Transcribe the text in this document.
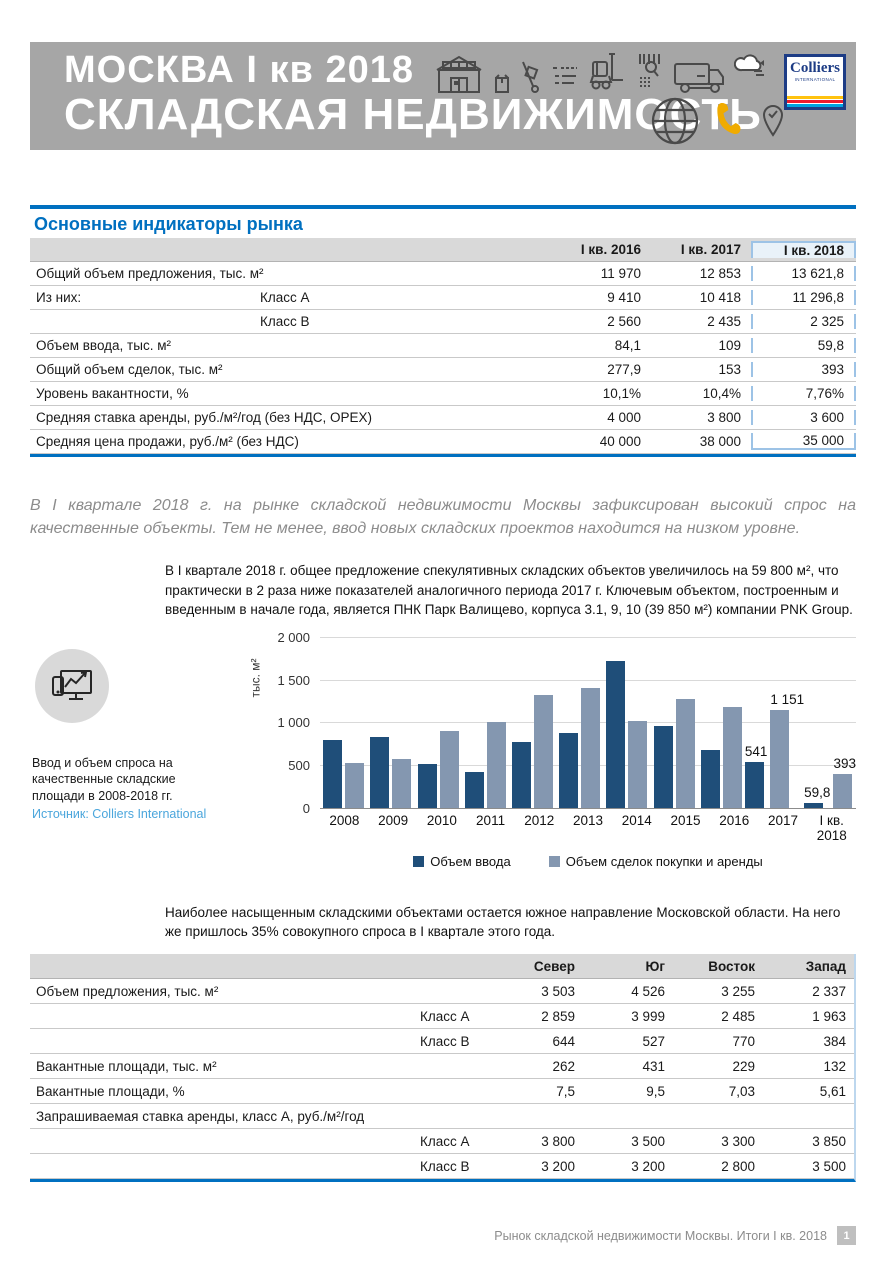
МОСКВА I кв 2018
СКЛАДСКАЯ НЕДВИЖИМОСТЬ
Colliers
INTERNATIONAL
Основные индикаторы рынка
I кв. 2016	I кв. 2017	I кв. 2018
Общий объем предложения, тыс. м²	11 970	12 853	13 621,8
Из них:	Класс A	9 410	10 418	11 296,8
Класс B	2 560	2 435	2 325
Объем ввода, тыс. м²	84,1	109	59,8
Общий объем сделок, тыс. м²	277,9	153	393
Уровень вакантности, %	10,1%	10,4%	7,76%
Средняя ставка аренды, руб./м²/год (без НДС, OPEX)	4 000	3 800	3 600
Средняя цена продажи, руб./м² (без НДС)	40 000	38 000	35 000
В I квартале 2018 г. на рынке складской недвижимости Москвы зафиксирован высокий спрос на качественные объекты. Тем не менее, ввод новых складских проектов находится на низком уровне.
В I квартале 2018 г. общее предложение спекулятивных складских объектов увеличилось на 59 800 м², что практически в 2 раза ниже показателей аналогичного периода 2017 г. Ключевым объектом, построенным и введенным в начале года, является ПНК Парк Валищево, корпуса 3.1, 9, 10 (39 850 м²) компании PNK Group.
Ввод и объем спроса на качественные складские площади в 2008-2018 гг.
Источник: Colliers International
тыс. м²
0
500
1 000
1 500
2 000
541
1 151
59,8
393
2008	2009	2010	2011	2012	2013	2014	2015	2016	2017	I кв.
2018
Объем ввода	Объем сделок покупки и аренды
Наиболее насыщенным складскими объектами остается южное направление Московской области. На него же пришлось 35% совокупного спроса в I квартале этого года.
Север	Юг	Восток	Запад
Объем предложения, тыс. м²	3 503	4 526	3 255	2 337
Класс A	2 859	3 999	2 485	1 963
Класс B	644	527	770	384
Вакантные площади, тыс. м²	262	431	229	132
Вакантные площади, %	7,5	9,5	7,03	5,61
Запрашиваемая ставка аренды, класс А, руб./м²/год
Класс A	3 800	3 500	3 300	3 850
Класс B	3 200	3 200	2 800	3 500
Рынок складской недвижимости Москвы. Итоги I кв. 2018	1
